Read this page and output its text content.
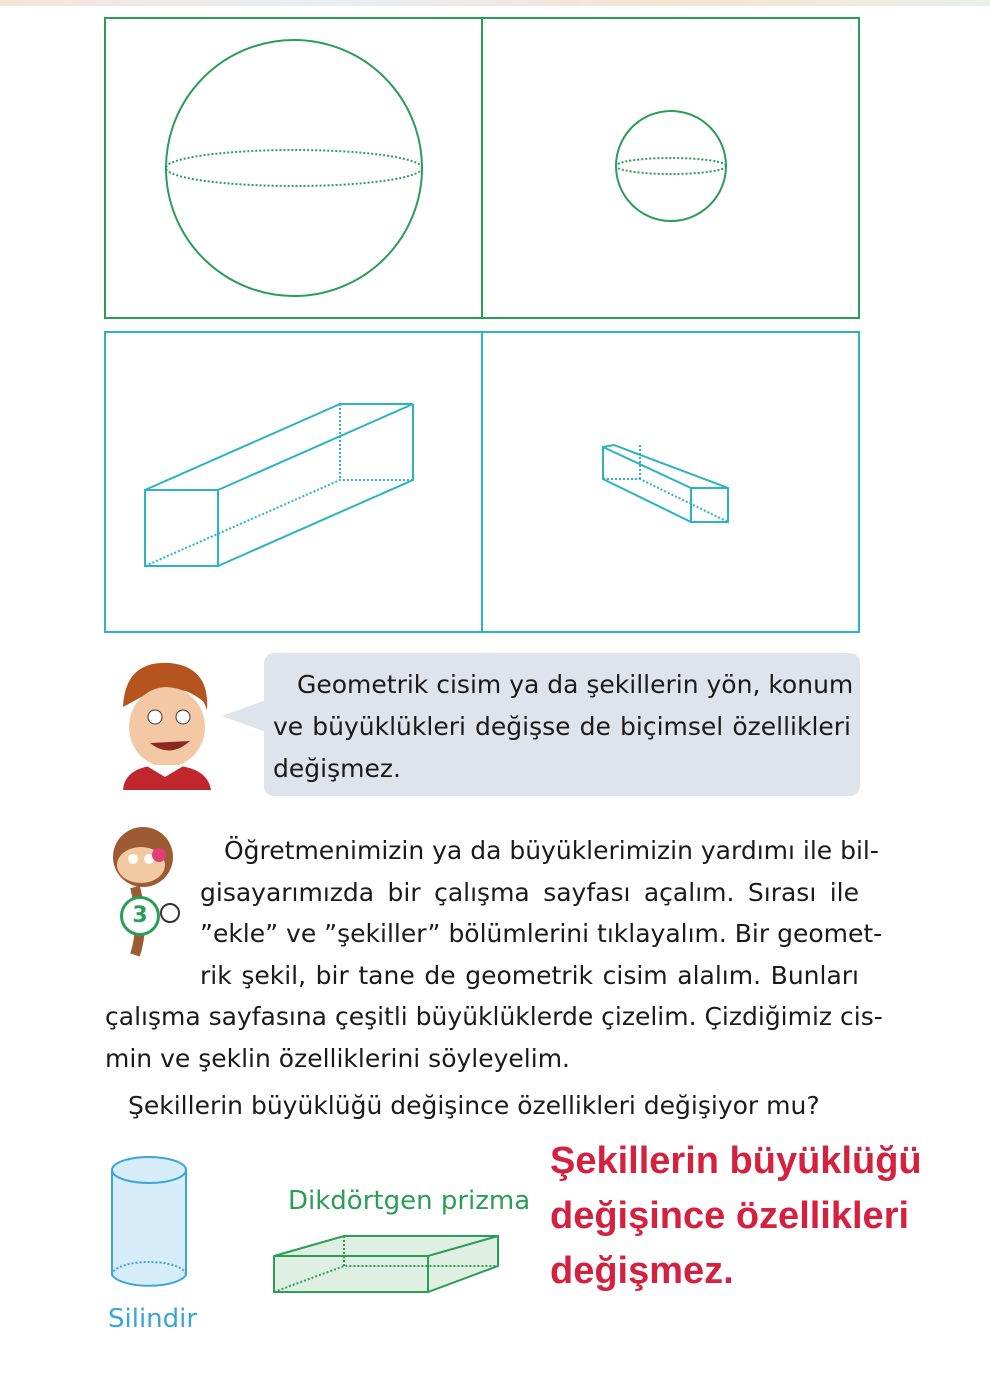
Geometrik cisim ya da şekillerin yön, konum
ve büyüklükleri değişse de biçimsel özellikleri
değişmez.
3
Öğretmenimizin ya da büyüklerimizin yardımı ile bil-
gisayarımızda bir çalışma sayfası açalım. Sırası ile
”ekle” ve ”şekiller” bölümlerini tıklayalım. Bir geomet-
rik şekil, bir tane de geometrik cisim alalım. Bunları
çalışma sayfasına çeşitli büyüklüklerde çizelim. Çizdiğimiz cis-
min ve şeklin özelliklerini söyleyelim.
Şekillerin büyüklüğü değişince özellikleri değişiyor mu?
Silindir
Dikdörtgen prizma
Şekillerin büyüklüğü
değişince özellikleri
değişmez.
